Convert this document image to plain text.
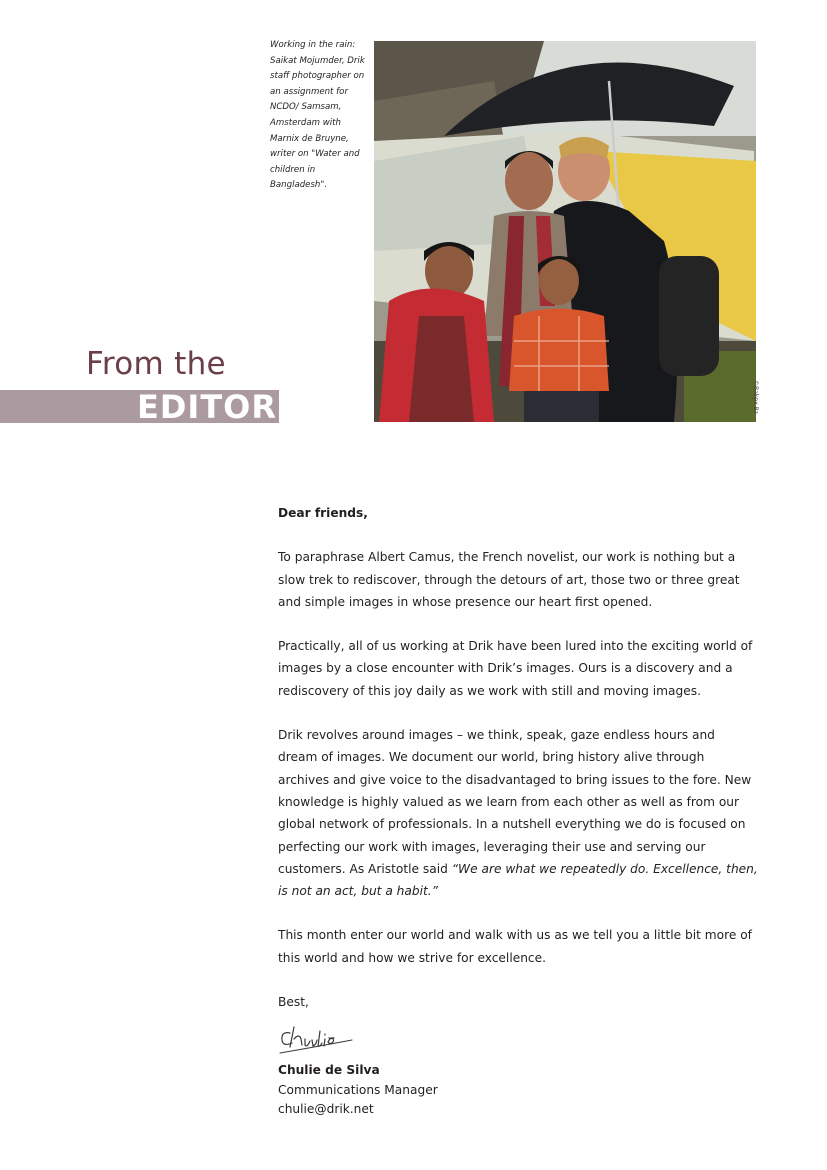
Working in the rain:
Saikat Mojumder, Drik staff photographer on an assignment for NCDO/ Samsam, Amsterdam with Marnix de Bruyne, writer on "Water and children in Bangladesh".
©Bakpx Bz
From the
EDITOR

Dear friends,

To paraphrase Albert Camus, the French novelist, our work is nothing but a slow trek to rediscover, through the detours of art, those two or three great and simple images in whose presence our heart first opened.

Practically, all of us working at Drik have been lured into the exciting world of images by a close encounter with Drik’s images. Ours is a discovery and a rediscovery of this joy daily as we work with still and moving images.

Drik revolves around images – we think, speak, gaze endless hours and dream of images. We document our world, bring history alive through archives and give voice to the disadvantaged to bring issues to the fore. New knowledge is highly valued as we learn from each other as well as from our global network of professionals. In a nutshell everything we do is focused on perfecting our work with images, leveraging their use and serving our customers. As Aristotle said “We are what we repeatedly do. Excellence, then, is not an act, but a habit.”

This month enter our world and walk with us as we tell you a little bit more of this world and how we strive for excellence.

Best,

Chulie de Silva
Communications Manager
chulie@drik.net
